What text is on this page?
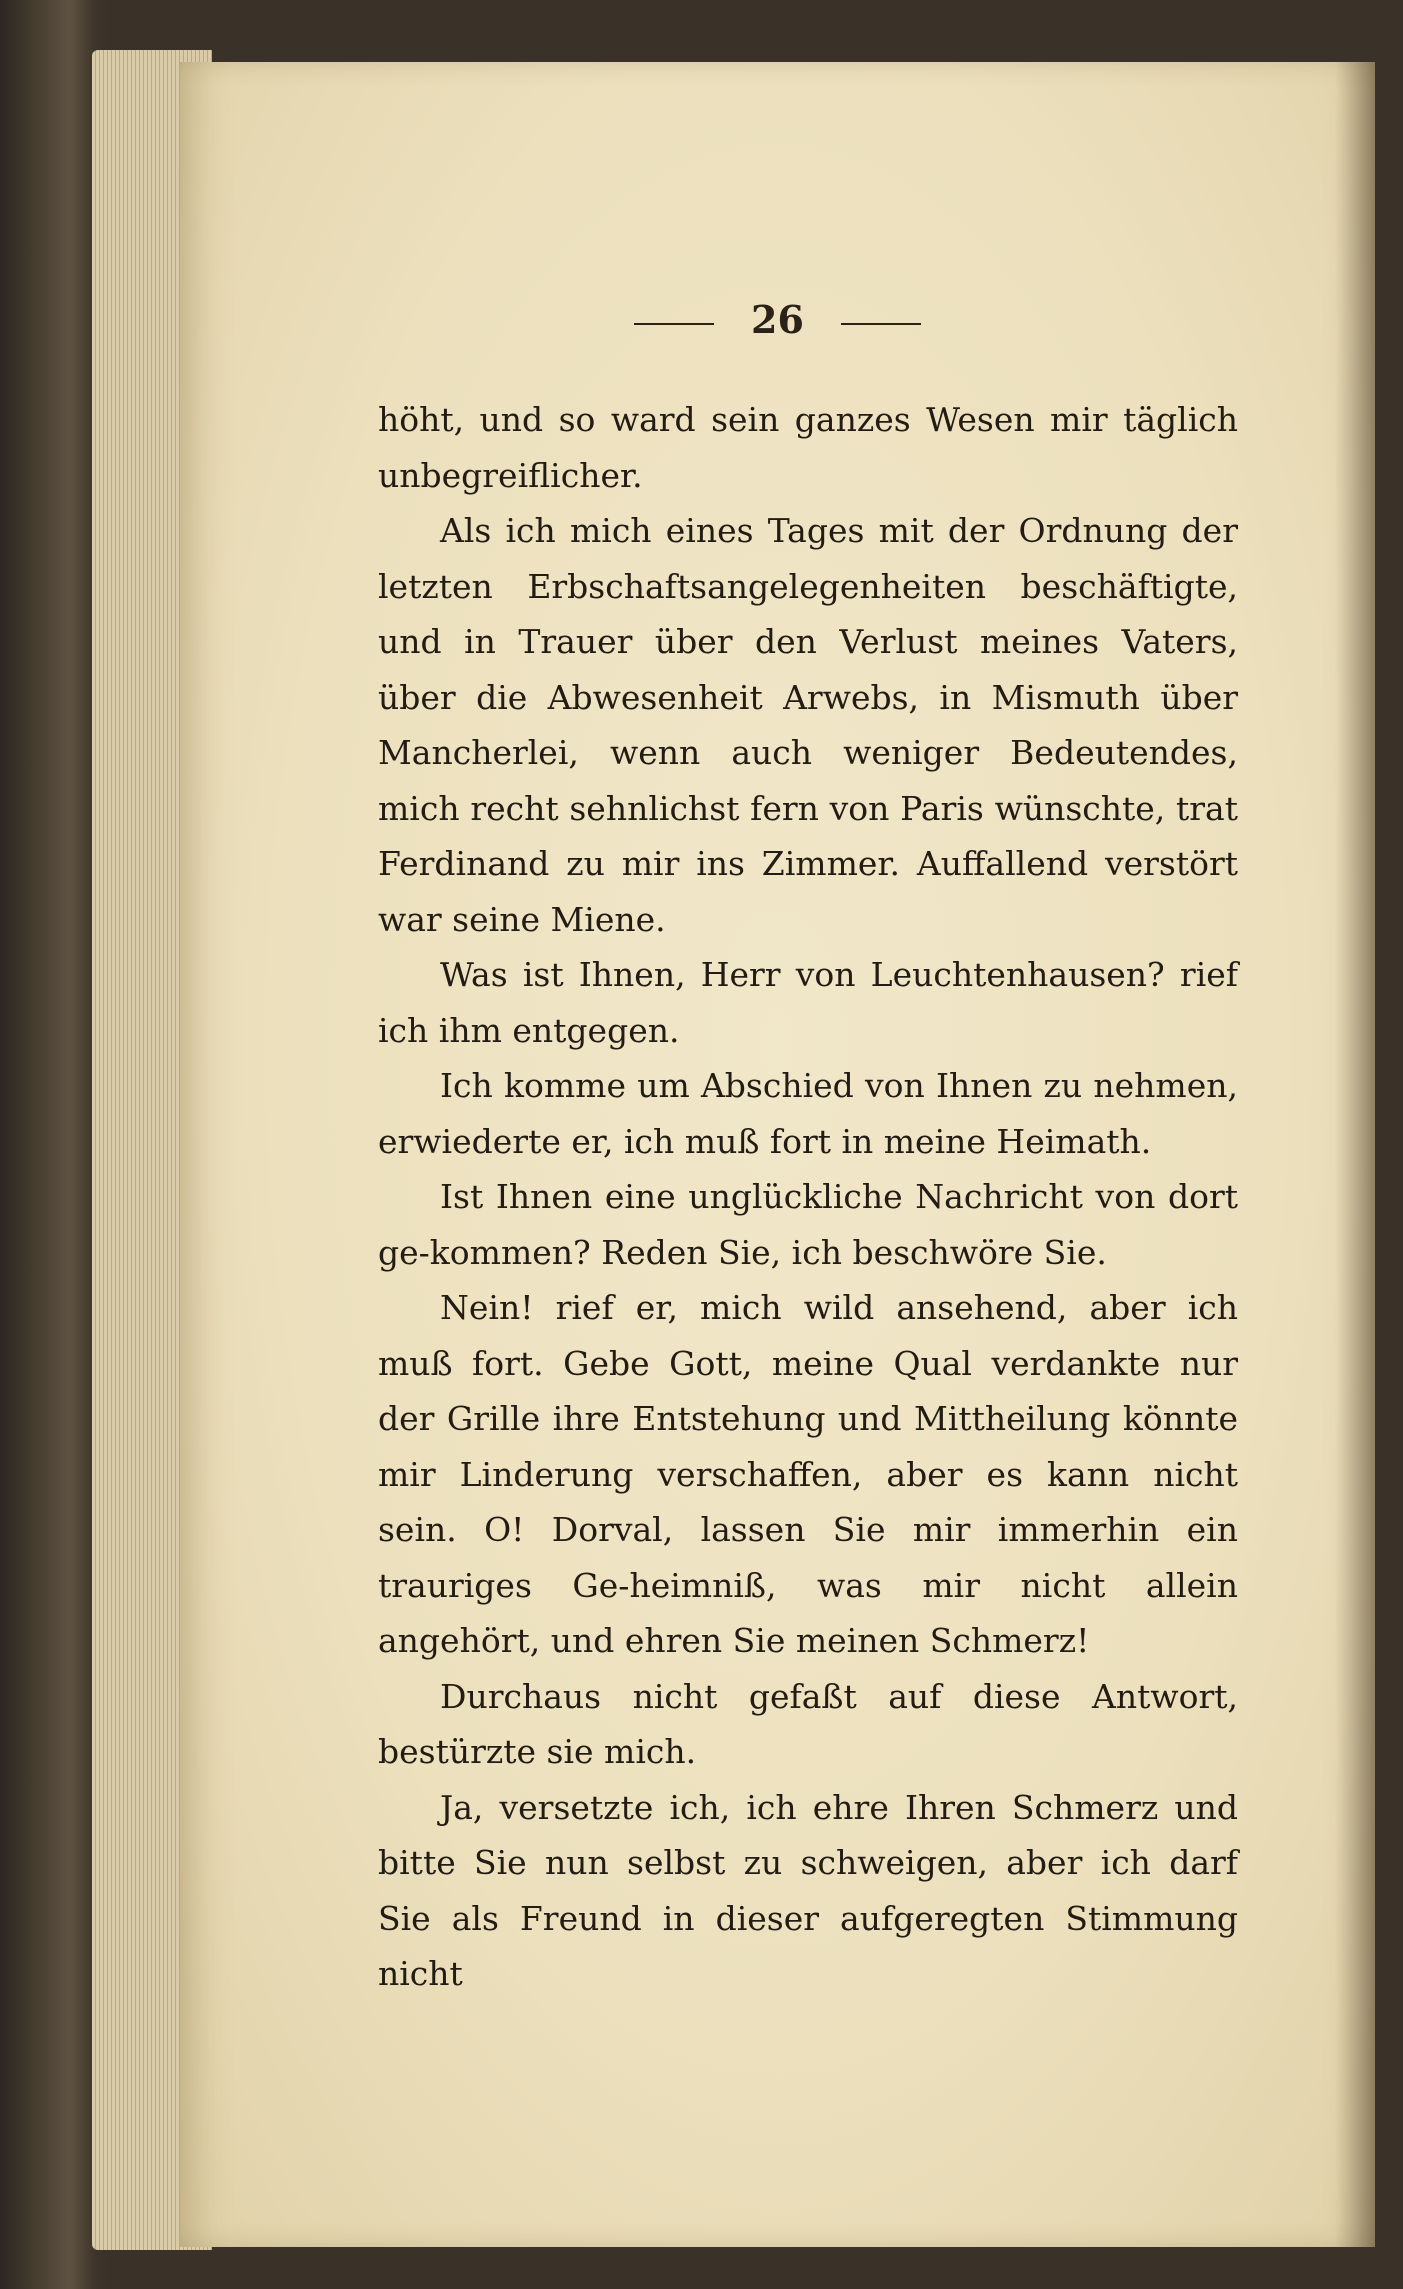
26

höht, und so ward sein ganzes Wesen mir täglich unbegreiflicher.

Als ich mich eines Tages mit der Ordnung der letzten Erbschaftsangelegenheiten beschäftigte, und in Trauer über den Verlust meines Vaters, über die Abwesenheit Arwebs, in Mismuth über Mancherlei, wenn auch weniger Bedeutendes, mich recht sehnlichst fern von Paris wünschte, trat Ferdinand zu mir ins Zimmer. Auffallend verstört war seine Miene.

Was ist Ihnen, Herr von Leuchtenhausen? rief ich ihm entgegen.

Ich komme um Abschied von Ihnen zu nehmen, erwiederte er, ich muß fort in meine Heimath.

Ist Ihnen eine unglückliche Nachricht von dort ge-kommen? Reden Sie, ich beschwöre Sie.

Nein! rief er, mich wild ansehend, aber ich muß fort. Gebe Gott, meine Qual verdankte nur der Grille ihre Entstehung und Mittheilung könnte mir Linderung verschaffen, aber es kann nicht sein. O! Dorval, lassen Sie mir immerhin ein trauriges Ge-heimniß, was mir nicht allein angehört, und ehren Sie meinen Schmerz!

Durchaus nicht gefaßt auf diese Antwort, bestürzte sie mich.

Ja, versetzte ich, ich ehre Ihren Schmerz und bitte Sie nun selbst zu schweigen, aber ich darf Sie als Freund in dieser aufgeregten Stimmung nicht
